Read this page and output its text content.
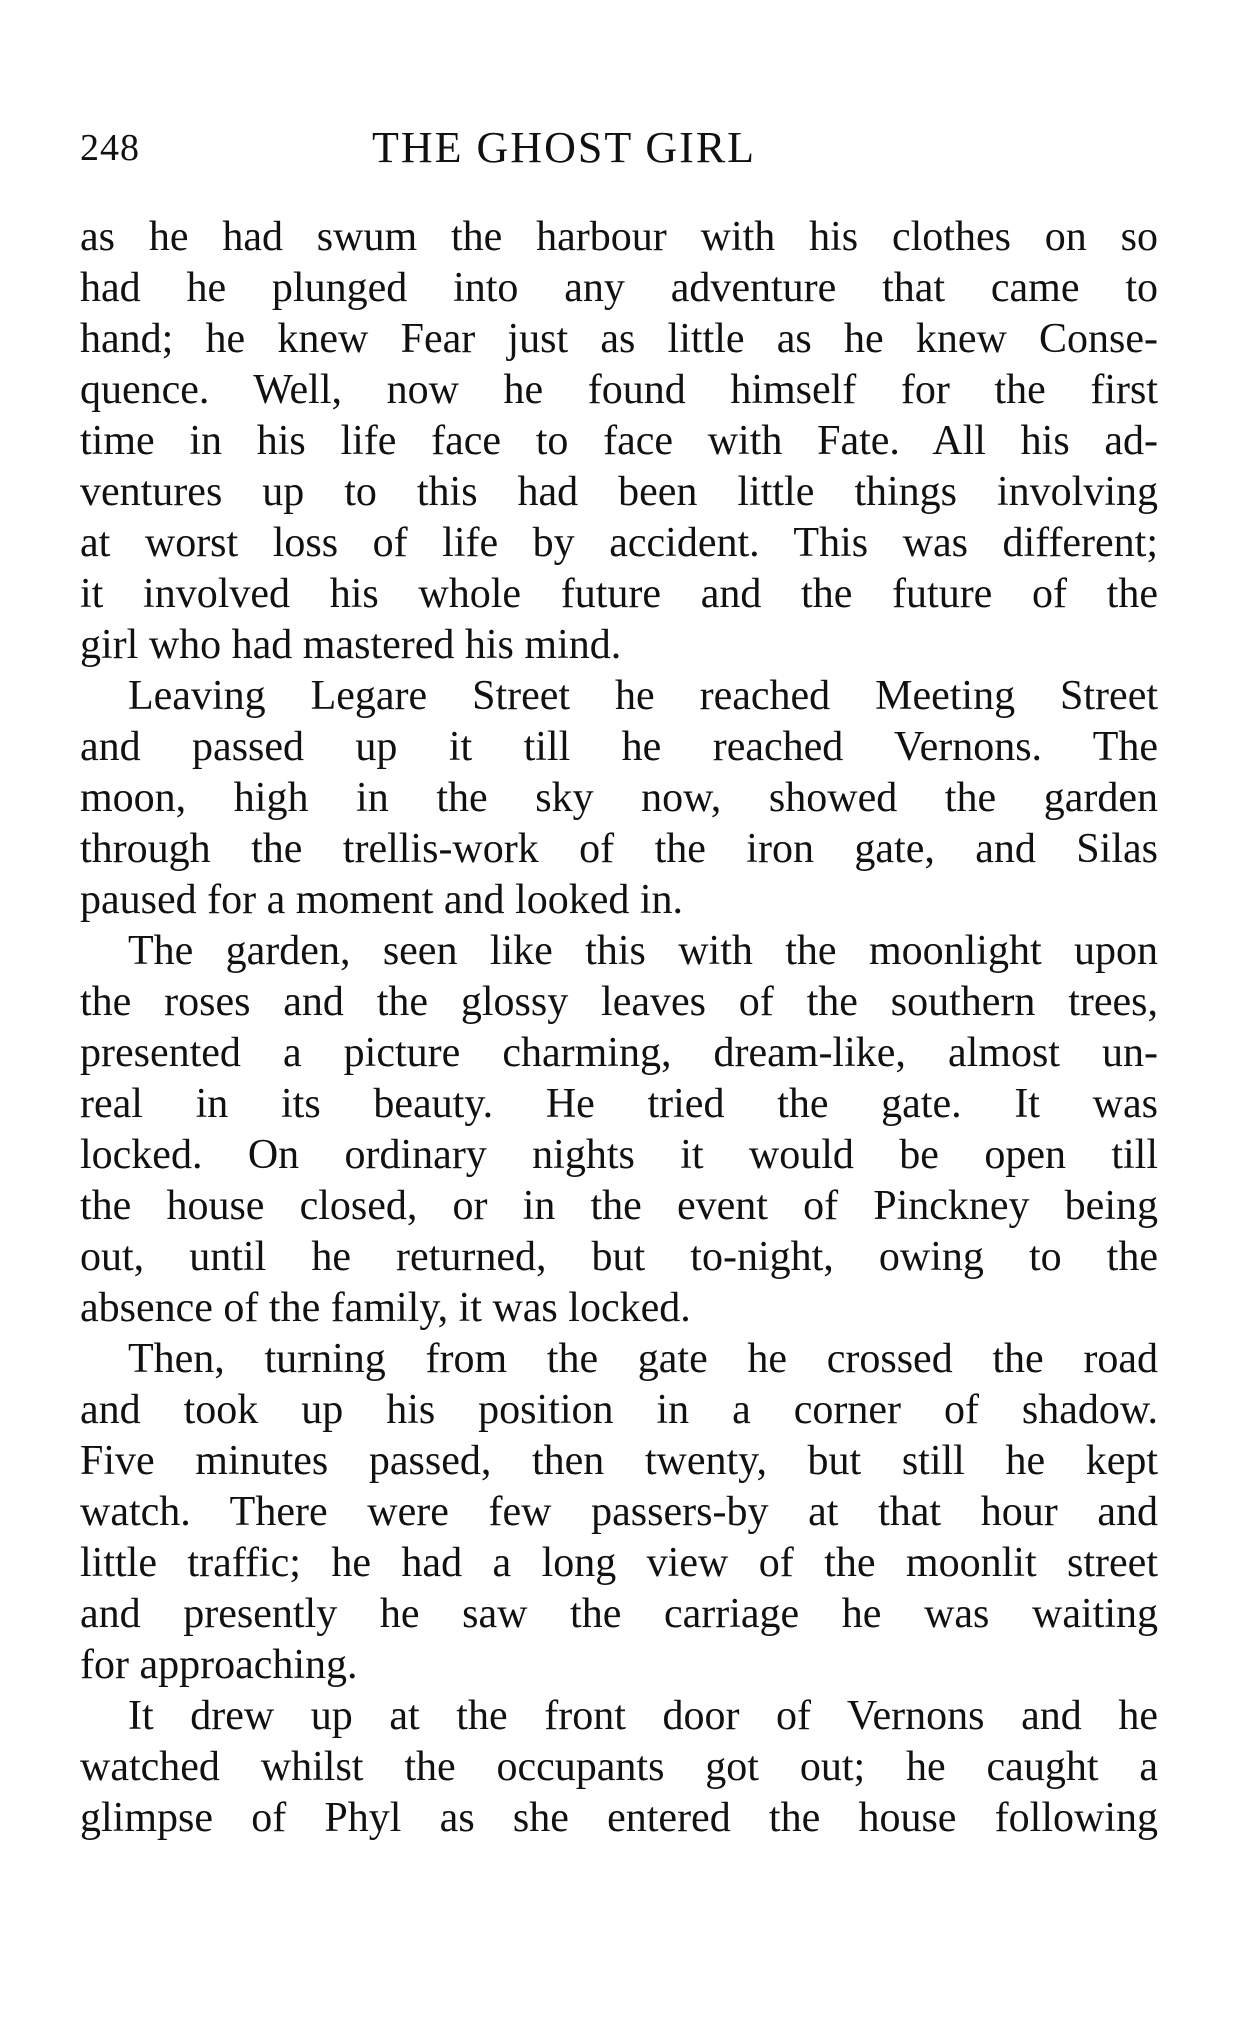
248	THE GHOST GIRL
as he had swum the harbour with his clothes on so
had he plunged into any adventure that came to
hand; he knew Fear just as little as he knew Conse-
quence. Well, now he found himself for the first
time in his life face to face with Fate. All his ad-
ventures up to this had been little things involving
at worst loss of life by accident. This was different;
it involved his whole future and the future of the
girl who had mastered his mind.
Leaving Legare Street he reached Meeting Street
and passed up it till he reached Vernons. The
moon, high in the sky now, showed the garden
through the trellis-work of the iron gate, and Silas
paused for a moment and looked in.
The garden, seen like this with the moonlight upon
the roses and the glossy leaves of the southern trees,
presented a picture charming, dream-like, almost un-
real in its beauty. He tried the gate. It was
locked. On ordinary nights it would be open till
the house closed, or in the event of Pinckney being
out, until he returned, but to-night, owing to the
absence of the family, it was locked.
Then, turning from the gate he crossed the road
and took up his position in a corner of shadow.
Five minutes passed, then twenty, but still he kept
watch. There were few passers-by at that hour and
little traffic; he had a long view of the moonlit street
and presently he saw the carriage he was waiting
for approaching.
It drew up at the front door of Vernons and he
watched whilst the occupants got out; he caught a
glimpse of Phyl as she entered the house following
